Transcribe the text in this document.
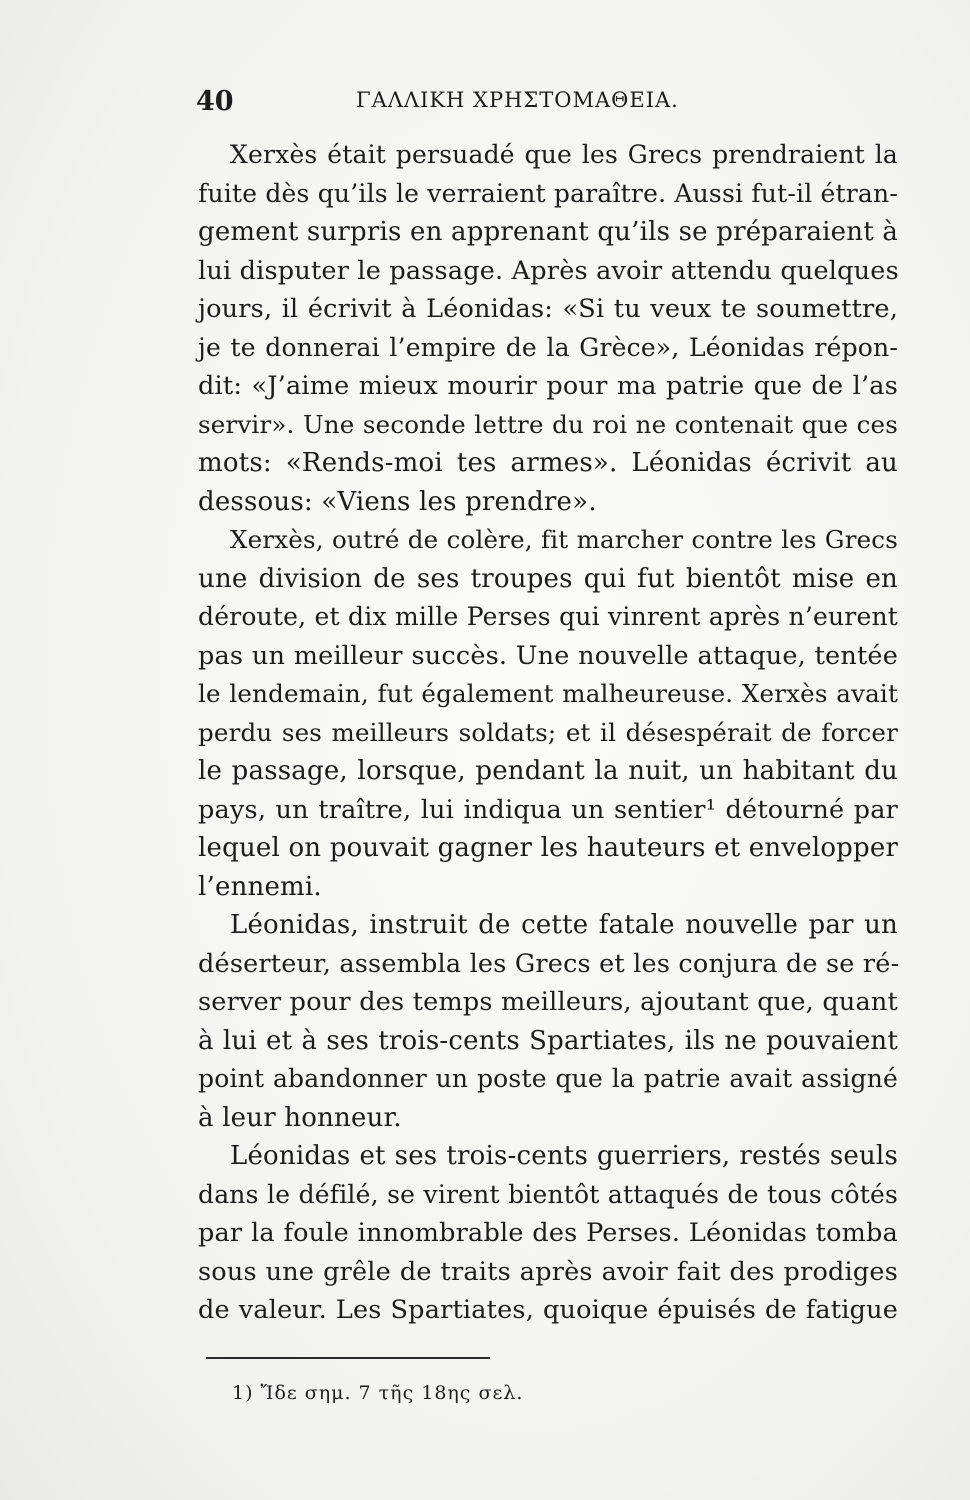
40	ΓΑΛΛΙΚΗ ΧΡΗΣΤΟΜΑΘΕΙΑ.
Xerxès était persuadé que les Grecs prendraient la
fuite dès qu’ils le verraient paraître. Aussi fut-il étran-
gement surpris en apprenant qu’ils se préparaient à
lui disputer le passage. Après avoir attendu quelques
jours, il écrivit à Léonidas: «Si tu veux te soumettre,
je te donnerai l’empire de la Grèce», Léonidas répon-
dit: «J’aime mieux mourir pour ma patrie que de l’as
servir». Une seconde lettre du roi ne contenait que ces
mots: «Rends-moi tes armes». Léonidas écrivit au
dessous: «Viens les prendre».
Xerxès, outré de colère, fit marcher contre les Grecs
une division de ses troupes qui fut bientôt mise en
déroute, et dix mille Perses qui vinrent après n’eurent
pas un meilleur succès. Une nouvelle attaque, tentée
le lendemain, fut également malheureuse. Xerxès avait
perdu ses meilleurs soldats; et il désespérait de forcer
le passage, lorsque, pendant la nuit, un habitant du
pays, un traître, lui indiqua un sentier¹ détourné par
lequel on pouvait gagner les hauteurs et envelopper
l’ennemi.
Léonidas, instruit de cette fatale nouvelle par un
déserteur, assembla les Grecs et les conjura de se ré-
server pour des temps meilleurs, ajoutant que, quant
à lui et à ses trois-cents Spartiates, ils ne pouvaient
point abandonner un poste que la patrie avait assigné
à leur honneur.
Léonidas et ses trois-cents guerriers, restés seuls
dans le défilé, se virent bientôt attaqués de tous côtés
par la foule innombrable des Perses. Léonidas tomba
sous une grêle de traits après avoir fait des prodiges
de valeur. Les Spartiates, quoique épuisés de fatigue
1) Ἴδε σημ. 7 τῆς 18ης σελ.
